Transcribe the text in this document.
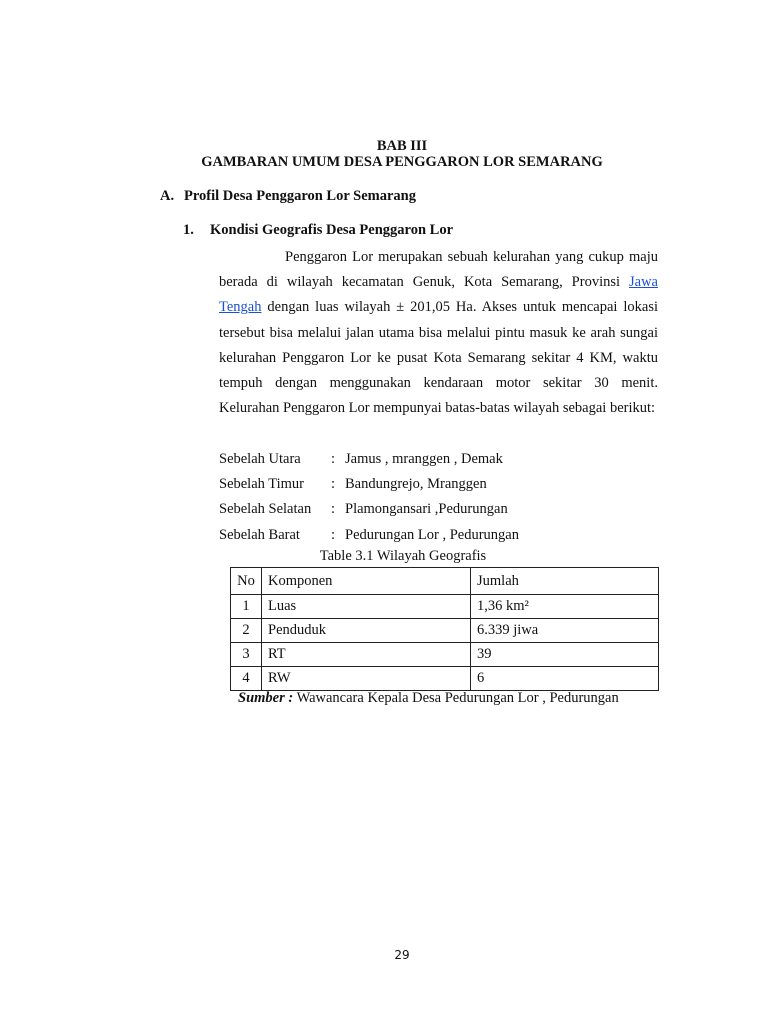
BAB III
GAMBARAN UMUM DESA PENGGARON LOR SEMARANG
A. Profil Desa Penggaron Lor Semarang
1. Kondisi Geografis Desa Penggaron Lor

Penggaron Lor merupakan sebuah kelurahan yang cukup maju berada di wilayah kecamatan Genuk, Kota Semarang, Provinsi Jawa Tengah dengan luas wilayah ± 201,05 Ha. Akses untuk mencapai lokasi tersebut bisa melalui jalan utama bisa melalui pintu masuk ke arah sungai kelurahan Penggaron Lor ke pusat Kota Semarang sekitar 4 KM, waktu tempuh dengan menggunakan kendaraan motor sekitar 30 menit. Kelurahan Penggaron Lor mempunyai batas-batas wilayah sebagai berikut:

Sebelah Utara : Jamus , mranggen , Demak
Sebelah Timur : Bandungrejo, Mranggen
Sebelah Selatan : Plamongansari ,Pedurungan
Sebelah Barat : Pedurungan Lor , Pedurungan
Table 3.1 Wilayah Geografis
No	Komponen	Jumlah
1	Luas	1,36 km²
2	Penduduk	6.339 jiwa
3	RT	39
4	RW	6
Sumber : Wawancara Kepala Desa Pedurungan Lor , Pedurungan
29
